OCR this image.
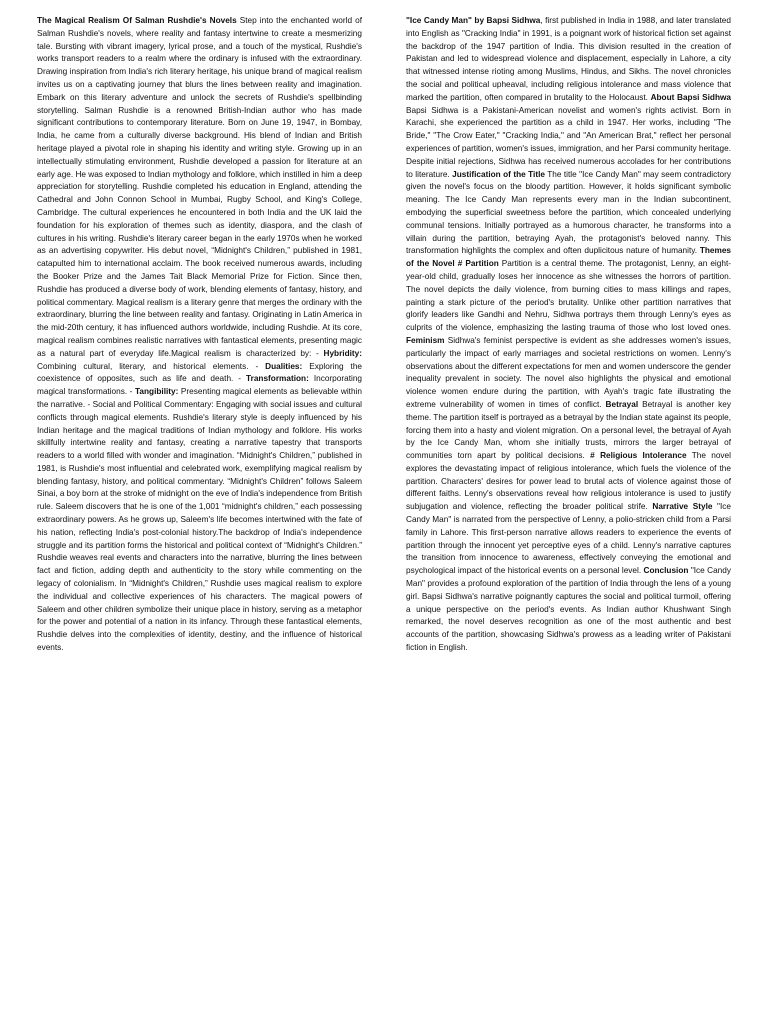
The Magical Realism Of Salman Rushdie's Novels Step into the enchanted world of Salman Rushdie's novels, where reality and fantasy intertwine to create a mesmerizing tale. Bursting with vibrant imagery, lyrical prose, and a touch of the mystical, Rushdie's works transport readers to a realm where the ordinary is infused with the extraordinary. Drawing inspiration from India's rich literary heritage, his unique brand of magical realism invites us on a captivating journey that blurs the lines between reality and imagination. Embark on this literary adventure and unlock the secrets of Rushdie's spellbinding storytelling. Salman Rushdie is a renowned British-Indian author who has made significant contributions to contemporary literature. Born on June 19, 1947, in Bombay, India, he came from a culturally diverse background. His blend of Indian and British heritage played a pivotal role in shaping his identity and writing style. Growing up in an intellectually stimulating environment, Rushdie developed a passion for literature at an early age. He was exposed to Indian mythology and folklore, which instilled in him a deep appreciation for storytelling. Rushdie completed his education in England, attending the Cathedral and John Connon School in Mumbai, Rugby School, and King's College, Cambridge. The cultural experiences he encountered in both India and the UK laid the foundation for his exploration of themes such as identity, diaspora, and the clash of cultures in his writing. Rushdie's literary career began in the early 1970s when he worked as an advertising copywriter. His debut novel, “Midnight's Children,” published in 1981, catapulted him to international acclaim. The book received numerous awards, including the Booker Prize and the James Tait Black Memorial Prize for Fiction. Since then, Rushdie has produced a diverse body of work, blending elements of fantasy, history, and political commentary. Magical realism is a literary genre that merges the ordinary with the extraordinary, blurring the line between reality and fantasy. Originating in Latin America in the mid-20th century, it has influenced authors worldwide, including Rushdie. At its core, magical realism combines realistic narratives with fantastical elements, presenting magic as a natural part of everyday life.Magical realism is characterized by: - Hybridity: Combining cultural, literary, and historical elements. - Dualities: Exploring the coexistence of opposites, such as life and death. - Transformation: Incorporating magical transformations. - Tangibility: Presenting magical elements as believable within the narrative. - Social and Political Commentary: Engaging with social issues and cultural conflicts through magical elements. Rushdie's literary style is deeply influenced by his Indian heritage and the magical traditions of Indian mythology and folklore. His works skillfully intertwine reality and fantasy, creating a narrative tapestry that transports readers to a world filled with wonder and imagination. “Midnight's Children,” published in 1981, is Rushdie's most influential and celebrated work, exemplifying magical realism by blending fantasy, history, and political commentary. “Midnight's Children” follows Saleem Sinai, a boy born at the stroke of midnight on the eve of India's independence from British rule. Saleem discovers that he is one of the 1,001 “midnight's children,” each possessing extraordinary powers. As he grows up, Saleem's life becomes intertwined with the fate of his nation, reflecting India's post-colonial history.The backdrop of India's independence struggle and its partition forms the historical and political context of “Midnight's Children.” Rushdie weaves real events and characters into the narrative, blurring the lines between fact and fiction, adding depth and authenticity to the story while commenting on the legacy of colonialism. In “Midnight's Children,” Rushdie uses magical realism to explore the individual and collective experiences of his characters. The magical powers of Saleem and other children symbolize their unique place in history, serving as a metaphor for the power and potential of a nation in its infancy. Through these fantastical elements, Rushdie delves into the complexities of identity, destiny, and the influence of historical events.
"Ice Candy Man" by Bapsi Sidhwa, first published in India in 1988, and later translated into English as "Cracking India" in 1991, is a poignant work of historical fiction set against the backdrop of the 1947 partition of India. This division resulted in the creation of Pakistan and led to widespread violence and displacement, especially in Lahore, a city that witnessed intense rioting among Muslims, Hindus, and Sikhs. The novel chronicles the social and political upheaval, including religious intolerance and mass violence that marked the partition, often compared in brutality to the Holocaust. About Bapsi Sidhwa Bapsi Sidhwa is a Pakistani-American novelist and women's rights activist. Born in Karachi, she experienced the partition as a child in 1947. Her works, including "The Bride," "The Crow Eater," "Cracking India," and "An American Brat," reflect her personal experiences of partition, women's issues, immigration, and her Parsi community heritage. Despite initial rejections, Sidhwa has received numerous accolades for her contributions to literature. Justification of the Title The title "Ice Candy Man" may seem contradictory given the novel's focus on the bloody partition. However, it holds significant symbolic meaning. The Ice Candy Man represents every man in the Indian subcontinent, embodying the superficial sweetness before the partition, which concealed underlying communal tensions. Initially portrayed as a humorous character, he transforms into a villain during the partition, betraying Ayah, the protagonist's beloved nanny. This transformation highlights the complex and often duplicitous nature of humanity. Themes of the Novel # Partition Partition is a central theme. The protagonist, Lenny, an eight-year-old child, gradually loses her innocence as she witnesses the horrors of partition. The novel depicts the daily violence, from burning cities to mass killings and rapes, painting a stark picture of the period's brutality. Unlike other partition narratives that glorify leaders like Gandhi and Nehru, Sidhwa portrays them through Lenny's eyes as culprits of the violence, emphasizing the lasting trauma of those who lost loved ones. Feminism Sidhwa's feminist perspective is evident as she addresses women's issues, particularly the impact of early marriages and societal restrictions on women. Lenny's observations about the different expectations for men and women underscore the gender inequality prevalent in society. The novel also highlights the physical and emotional violence women endure during the partition, with Ayah's tragic fate illustrating the extreme vulnerability of women in times of conflict. Betrayal Betrayal is another key theme. The partition itself is portrayed as a betrayal by the Indian state against its people, forcing them into a hasty and violent migration. On a personal level, the betrayal of Ayah by the Ice Candy Man, whom she initially trusts, mirrors the larger betrayal of communities torn apart by political decisions. # Religious Intolerance The novel explores the devastating impact of religious intolerance, which fuels the violence of the partition. Characters' desires for power lead to brutal acts of violence against those of different faiths. Lenny's observations reveal how religious intolerance is used to justify subjugation and violence, reflecting the broader political strife. Narrative Style "Ice Candy Man" is narrated from the perspective of Lenny, a polio-stricken child from a Parsi family in Lahore. This first-person narrative allows readers to experience the events of partition through the innocent yet perceptive eyes of a child. Lenny's narrative captures the transition from innocence to awareness, effectively conveying the emotional and psychological impact of the historical events on a personal level. Conclusion "Ice Candy Man" provides a profound exploration of the partition of India through the lens of a young girl. Bapsi Sidhwa's narrative poignantly captures the social and political turmoil, offering a unique perspective on the period's events. As Indian author Khushwant Singh remarked, the novel deserves recognition as one of the most authentic and best accounts of the partition, showcasing Sidhwa's prowess as a leading writer of Pakistani fiction in English.
